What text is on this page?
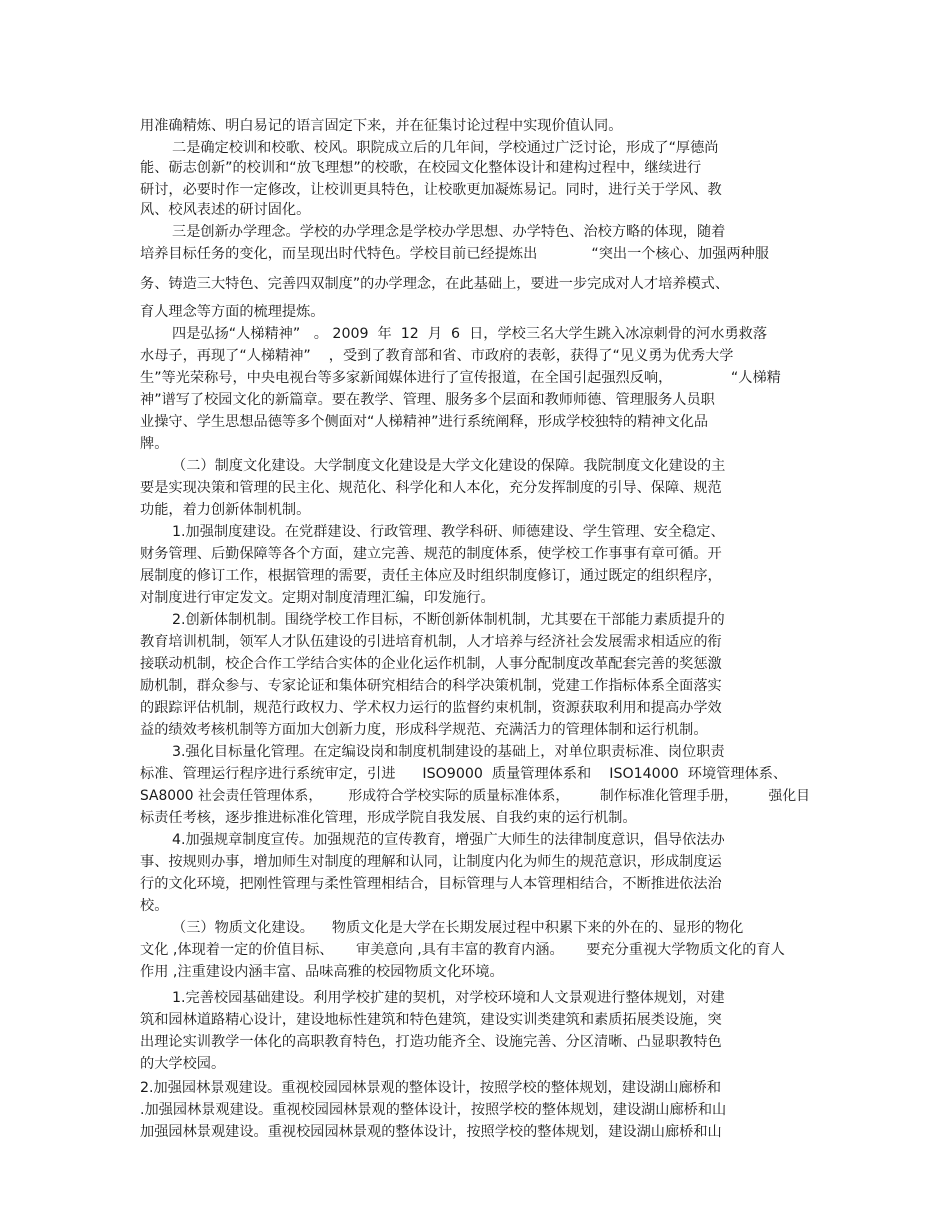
用准确精炼、明白易记的语言固定下来，并在征集讨论过程中实现价值认同。
二是确定校训和校歌、校风。职院成立后的几年间，学校通过广泛讨论，形成了“厚德尚
能、砺志创新”的校训和“放飞理想”的校歌，在校园文化整体设计和建构过程中，继续进行
研讨，必要时作一定修改，让校训更具特色，让校歌更加凝炼易记。同时，进行关于学风、教
风、校风表述的研讨固化。
三是创新办学理念。学校的办学理念是学校办学思想、办学特色、治校方略的体现，随着
培养目标任务的变化，而呈现出时代特色。学校目前已经提炼出            “突出一个核心、加强两种服
务、铸造三大特色、完善四双制度”的办学理念，在此基础上，要进一步完成对人才培养模式、
育人理念等方面的梳理提炼。
四是弘扬“人梯精神”   。 2009  年  12  月  6  日，学校三名大学生跳入冰凉刺骨的河水勇救落
水母子，再现了“人梯精神”    ，受到了教育部和省、市政府的表彰，获得了“见义勇为优秀大学
生”等光荣称号，中央电视台等多家新闻媒体进行了宣传报道，在全国引起强烈反响，             “人梯精
神”谱写了校园文化的新篇章。要在教学、管理、服务多个层面和教师师德、管理服务人员职
业操守、学生思想品德等多个侧面对“人梯精神”进行系统阐释，形成学校独特的精神文化品
牌。
（二）制度文化建设。大学制度文化建设是大学文化建设的保障。我院制度文化建设的主
要是实现决策和管理的民主化、规范化、科学化和人本化，充分发挥制度的引导、保障、规范
功能，着力创新体制机制。
1.加强制度建设。在党群建设、行政管理、教学科研、师德建设、学生管理、安全稳定、
财务管理、后勤保障等各个方面，建立完善、规范的制度体系，使学校工作事事有章可循。开
展制度的修订工作，根据管理的需要，责任主体应及时组织制度修订，通过既定的组织程序，
对制度进行审定发文。定期对制度清理汇编，印发施行。
2.创新体制机制。围绕学校工作目标，不断创新体制机制，尤其要在干部能力素质提升的
教育培训机制，领军人才队伍建设的引进培育机制，人才培养与经济社会发展需求相适应的衔
接联动机制，校企合作工学结合实体的企业化运作机制，人事分配制度改革配套完善的奖惩激
励机制，群众参与、专家论证和集体研究相结合的科学决策机制，党建工作指标体系全面落实
的跟踪评估机制，规范行政权力、学术权力运行的监督约束机制，资源获取利用和提高办学效
益的绩效考核机制等方面加大创新力度，形成科学规范、充满活力的管理体制和运行机制。
3.强化目标量化管理。在定编设岗和制度机制建设的基础上，对单位职责标准、岗位职责
标准、管理运行程序进行系统审定，引进      ISO9000  质量管理体系和    ISO14000  环境管理体系、
SA8000 社会责任管理体系，      形成符合学校实际的质量标准体系，       制作标准化管理手册，       强化目
标责任考核，逐步推进标准化管理，形成学院自我发展、自我约束的运行机制。
4.加强规章制度宣传。加强规范的宣传教育，增强广大师生的法律制度意识，倡导依法办
事、按规则办事，增加师生对制度的理解和认同，让制度内化为师生的规范意识，形成制度运
行的文化环境，把刚性管理与柔性管理相结合，目标管理与人本管理相结合，不断推进依法治
校。
（三）物质文化建设。    物质文化是大学在长期发展过程中积累下来的外在的、显形的物化
文化 ,体现着一定的价值目标、     审美意向 ,具有丰富的教育内涵。     要充分重视大学物质文化的育人
作用 ,注重建设内涵丰富、品味高雅的校园物质文化环境。
1.完善校园基础建设。利用学校扩建的契机，对学校环境和人文景观进行整体规划，对建
筑和园林道路精心设计，建设地标性建筑和特色建筑，建设实训类建筑和素质拓展类设施，突
出理论实训教学一体化的高职教育特色，打造功能齐全、设施完善、分区清晰、凸显职教特色
的大学校园。
2.加强园林景观建设。重视校园园林景观的整体设计，按照学校的整体规划，建设湖山廊桥和
.加强园林景观建设。重视校园园林景观的整体设计，按照学校的整体规划，建设湖山廊桥和山
加强园林景观建设。重视校园园林景观的整体设计，按照学校的整体规划，建设湖山廊桥和山
